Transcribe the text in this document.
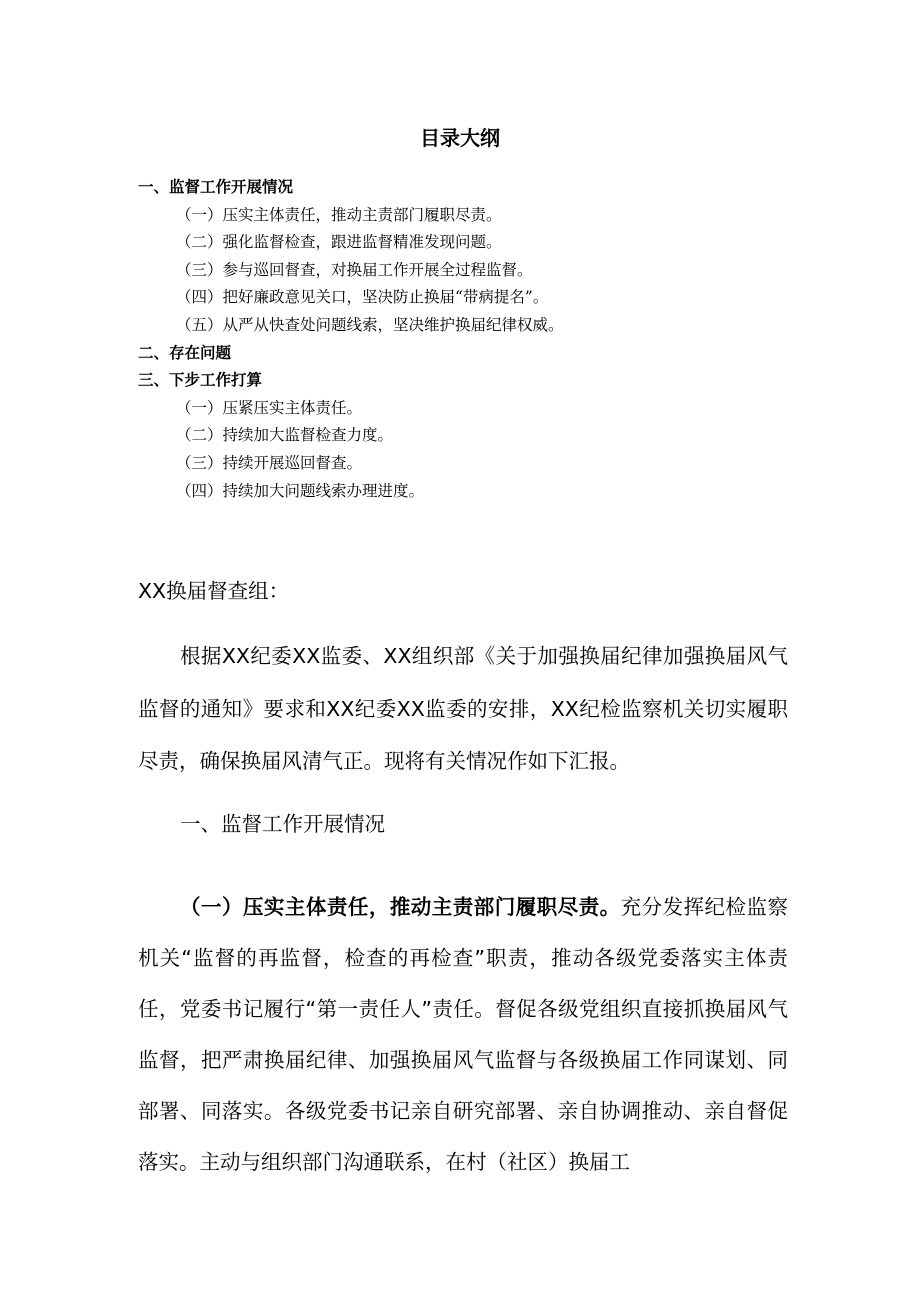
目录大纲
一、监督工作开展情况
（一）压实主体责任，推动主责部门履职尽责。
（二）强化监督检查，跟进监督精准发现问题。
（三）参与巡回督查，对换届工作开展全过程监督。
（四）把好廉政意见关口，坚决防止换届“带病提名”。
（五）从严从快查处问题线索，坚决维护换届纪律权威。
二、存在问题
三、下步工作打算
（一）压紧压实主体责任。
（二）持续加大监督检查力度。
（三）持续开展巡回督查。
（四）持续加大问题线索办理进度。

XX换届督查组：

根据XX纪委XX监委、XX组织部《关于加强换届纪律加强换届风气监督的通知》要求和XX纪委XX监委的安排，XX纪检监察机关切实履职尽责，确保换届风清气正。现将有关情况作如下汇报。

一、监督工作开展情况

（一）压实主体责任，推动主责部门履职尽责。充分发挥纪检监察机关“监督的再监督，检查的再检查”职责，推动各级党委落实主体责任，党委书记履行“第一责任人”责任。督促各级党组织直接抓换届风气监督，把严肃换届纪律、加强换届风气监督与各级换届工作同谋划、同部署、同落实。各级党委书记亲自研究部署、亲自协调推动、亲自督促落实。主动与组织部门沟通联系，在村（社区）换届工
